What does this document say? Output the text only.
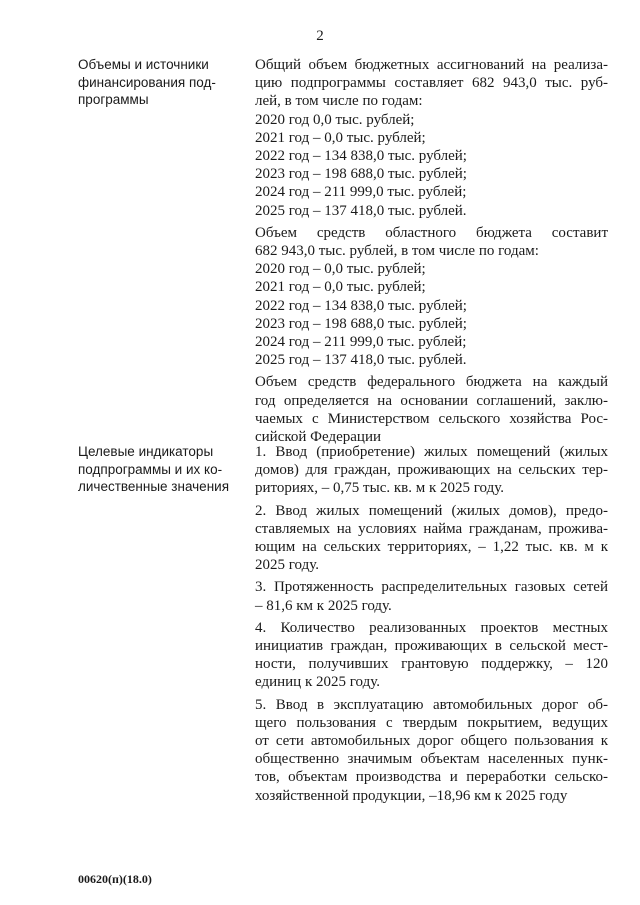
2
Объемы и источники
финансирования под-
программы
Общий объем бюджетных ассигнований на реализа-
цию подпрограммы составляет 682 943,0 тыс. руб-
лей, в том числе по годам:
2020 год 0,0 тыс. рублей;
2021 год – 0,0 тыс. рублей;
2022 год – 134 838,0 тыс. рублей;
2023 год – 198 688,0 тыс. рублей;
2024 год – 211 999,0 тыс. рублей;
2025 год – 137 418,0 тыс. рублей.
Объем средств областного бюджета составит
682 943,0 тыс. рублей, в том числе по годам:
2020 год – 0,0 тыс. рублей;
2021 год – 0,0 тыс. рублей;
2022 год – 134 838,0 тыс. рублей;
2023 год – 198 688,0 тыс. рублей;
2024 год – 211 999,0 тыс. рублей;
2025 год – 137 418,0 тыс. рублей.
Объем средств федерального бюджета на каждый
год определяется на основании соглашений, заклю-
чаемых с Министерством сельского хозяйства Рос-
сийской Федерации
Целевые индикаторы
подпрограммы и их ко-
личественные значения
1. Ввод (приобретение) жилых помещений (жилых
домов) для граждан, проживающих на сельских тер-
риториях, – 0,75 тыс. кв. м к 2025 году.
2. Ввод жилых помещений (жилых домов), предо-
ставляемых на условиях найма гражданам, прожива-
ющим на сельских территориях, – 1,22 тыс. кв. м к
2025 году.
3. Протяженность распределительных газовых сетей
– 81,6 км к 2025 году.
4. Количество реализованных проектов местных
инициатив граждан, проживающих в сельской мест-
ности, получивших грантовую поддержку, – 120
единиц к 2025 году.
5. Ввод в эксплуатацию автомобильных дорог об-
щего пользования с твердым покрытием, ведущих
от сети автомобильных дорог общего пользования к
общественно значимым объектам населенных пунк-
тов, объектам производства и переработки сельско-
хозяйственной продукции, –18,96 км к 2025 году
00620(п)(18.0)
